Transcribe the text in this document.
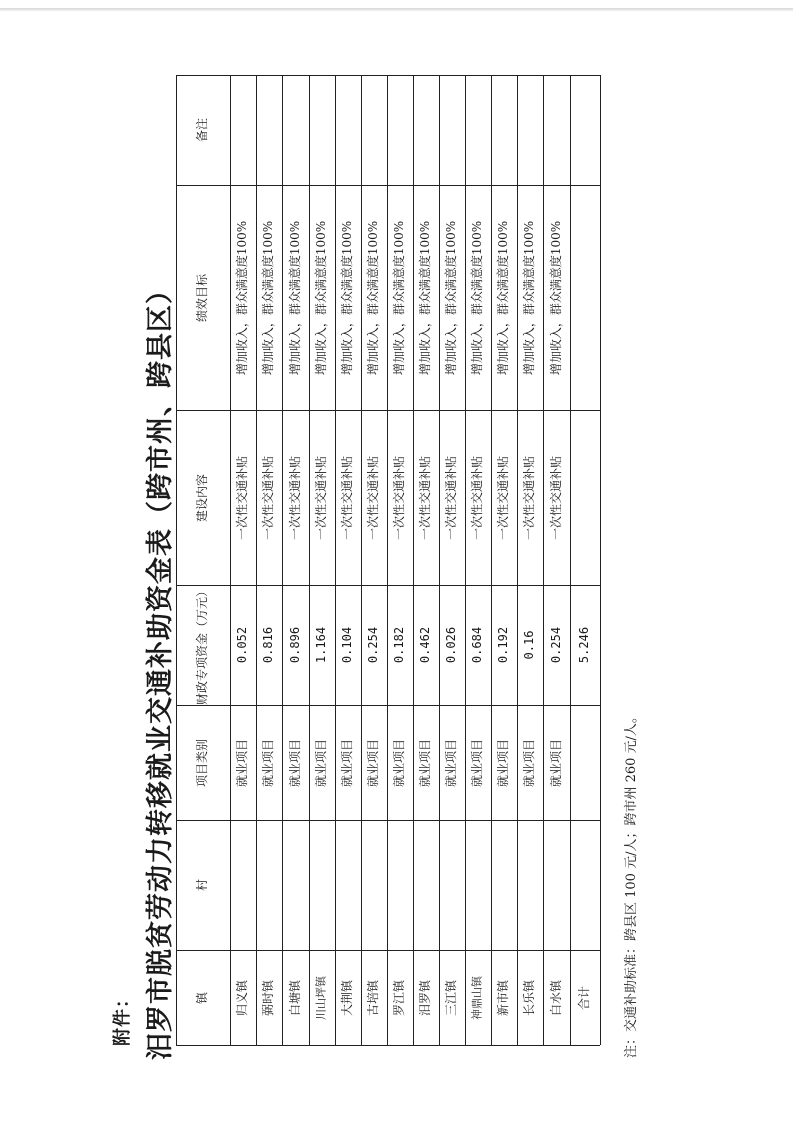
附件： 汨罗市脱贫劳动力转移就业交通补助资金表（跨市州、跨县区）	注：交通补助标准：跨县区 100 元/人；跨市州 260 元/人。
备注
绩效目标
建设内容
财政专项资金（万元）
项目类别
村
镇
增加收入，群众满意度100%
一次性交通补贴
0.052
就业项目
归义镇
增加收入，群众满意度100%
一次性交通补贴
0.816
就业项目
弼时镇
增加收入，群众满意度100%
一次性交通补贴
0.896
就业项目
白塘镇
增加收入，群众满意度100%
一次性交通补贴
1.164
就业项目
川山坪镇
增加收入，群众满意度100%
一次性交通补贴
0.104
就业项目
大荆镇
增加收入，群众满意度100%
一次性交通补贴
0.254
就业项目
古培镇
增加收入，群众满意度100%
一次性交通补贴
0.182
就业项目
罗江镇
增加收入，群众满意度100%
一次性交通补贴
0.462
就业项目
汨罗镇
增加收入，群众满意度100%
一次性交通补贴
0.026
就业项目
三江镇
增加收入，群众满意度100%
一次性交通补贴
0.684
就业项目
神鼎山镇
增加收入，群众满意度100%
一次性交通补贴
0.192
就业项目
新市镇
增加收入，群众满意度100%
一次性交通补贴
0.16
就业项目
长乐镇
增加收入，群众满意度100%
一次性交通补贴
0.254
就业项目
白水镇 合计
5.246
